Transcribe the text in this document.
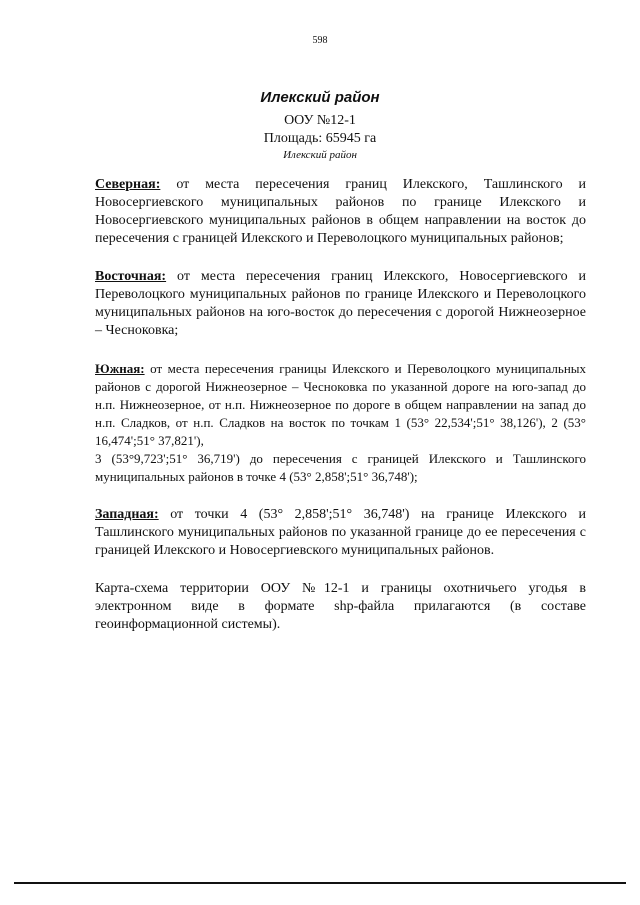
598
Илекский район
ООУ №12-1
Площадь: 65945 га
Илекский район

Северная: от места пересечения границ Илекского, Ташлинского и Новосергиевского муниципальных районов по границе Илекского и Новосергиевского муниципальных районов в общем направлении на восток до пересечения с границей Илекского и Переволоцкого муниципальных районов;

Восточная: от места пересечения границ Илекского, Новосергиевского и Переволоцкого муниципальных районов по границе Илекского и Переволоцкого муниципальных районов на юго-восток до пересечения с дорогой Нижнеозерное – Чесноковка;

Южная: от места пересечения границы Илекского и Переволоцкого муниципальных районов с дорогой Нижнеозерное – Чесноковка по указанной дороге на юго-запад до н.п. Нижнеозерное, от н.п. Нижнеозерное по дороге в общем направлении на запад до н.п. Сладков, от н.п. Сладков на восток по точкам 1 (53° 22,534';51° 38,126'), 2 (53° 16,474';51° 37,821'),
3 (53°9,723';51° 36,719') до пересечения с границей Илекского и Ташлинского муниципальных районов в точке 4 (53° 2,858';51° 36,748');

Западная: от точки 4 (53° 2,858';51° 36,748') на границе Илекского и Ташлинского муниципальных районов по указанной границе до ее пересечения с границей Илекского и Новосергиевского муниципальных районов.

Карта-схема территории ООУ №12-1 и границы охотничьего угодья в электронном виде в формате shp-файла прилагаются (в составе геоинформационной системы).
